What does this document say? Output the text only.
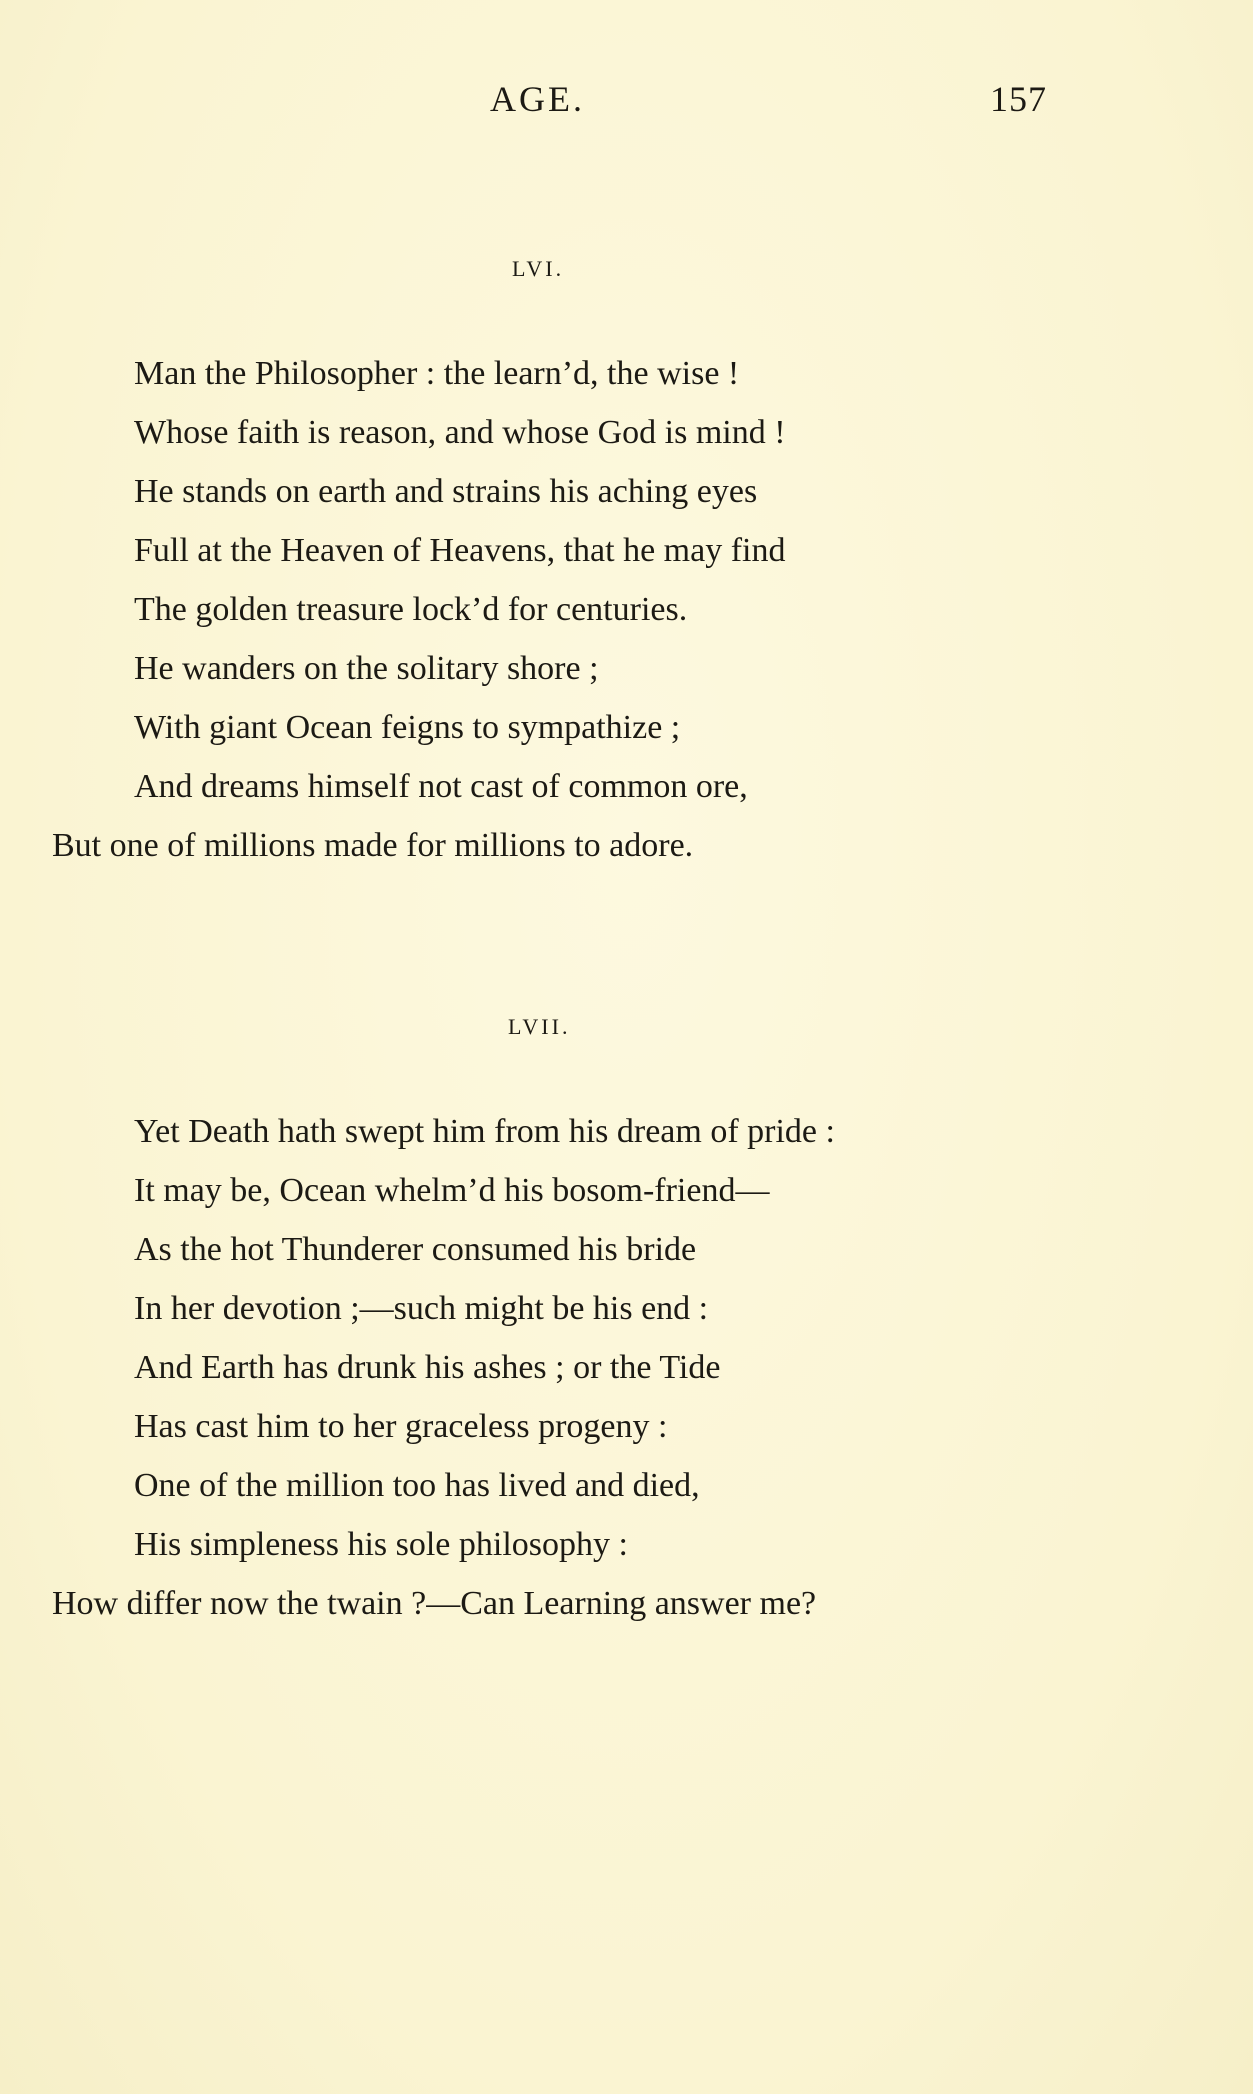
AGE.	157
LVI.
Man the Philosopher : the learn’d, the wise !
Whose faith is reason, and whose God is mind !
He stands on earth and strains his aching eyes
Full at the Heaven of Heavens, that he may find
The golden treasure lock’d for centuries.
He wanders on the solitary shore ;
With giant Ocean feigns to sympathize ;
And dreams himself not cast of common ore,
But one of millions made for millions to adore.
LVII.
Yet Death hath swept him from his dream of pride :
It may be, Ocean whelm’d his bosom-friend—
As the hot Thunderer consumed his bride
In her devotion ;—such might be his end :
And Earth has drunk his ashes ; or the Tide
Has cast him to her graceless progeny :
One of the million too has lived and died,
His simpleness his sole philosophy :
How differ now the twain ?—Can Learning answer me?
